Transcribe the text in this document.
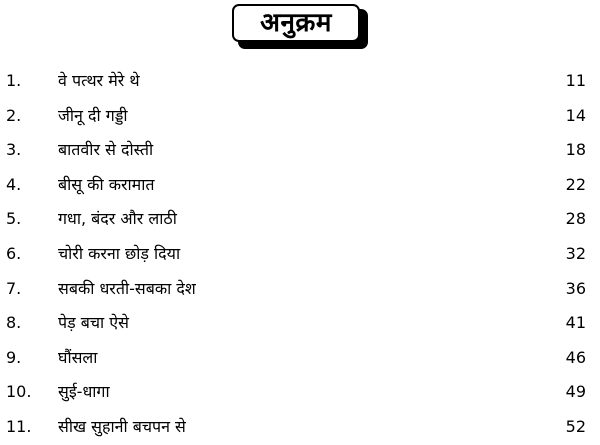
अनुक्रम
1. वे पत्थर मेरे थे	11
2. जीनू दी गड्डी	14
3. बातवीर से दोस्ती	18
4. बीसू की करामात	22
5. गधा, बंदर और लाठी	28
6. चोरी करना छोड़ दिया	32
7. सबकी धरती-सबका देश	36
8. पेड़ बचा ऐसे	41
9. घौंसला	46
10. सुई-धागा	49
11. सीख सुहानी बचपन से	52
